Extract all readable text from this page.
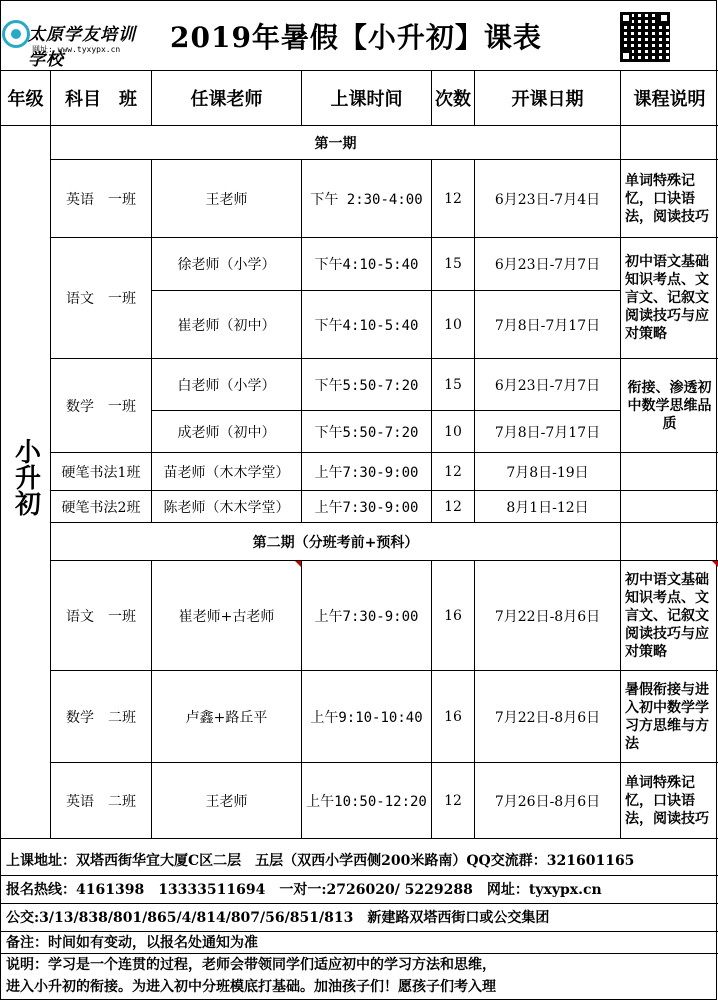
太原学友培训学校
网址: www.tyxypx.cn 2019年暑假【小升初】课表
年级	科目　班	任课老师	上课时间	次数	开课日期	课程说明

小升初	第一期					
	英语　一班	王老师	下午 2:30-4:00	12	6月23日-7月4日	单词特殊记忆，口诀语法，阅读技巧
	语文　一班	徐老师（小学）	下午4:10-5:40	15	6月23日-7月7日	初中语文基础知识考点、文言文、记叙文阅读技巧与应对策略
		崔老师（初中）	下午4:10-5:40	10	7月8日-7月17日	
	数学　一班	白老师（小学）	下午5:50-7:20	15	6月23日-7月7日	衔接、渗透初中数学思维品质
		成老师（初中）	下午5:50-7:20	10	7月8日-7月17日	
	硬笔书法1班	苗老师（木木学堂）	上午7:30-9:00	12	7月8日-19日	
	硬笔书法2班	陈老师（木木学堂）	上午7:30-9:00	12	8月1日-12日	
	第二期（分班考前+预科）					
	语文　一班	崔老师+古老师	上午7:30-9:00	16	7月22日-8月6日	初中语文基础知识考点、文言文、记叙文阅读技巧与应对策略
	数学　二班	卢鑫+路丘平	上午9:10-10:40	16	7月22日-8月6日	暑假衔接与进入初中数学学习方思维与方法
	英语　二班	王老师	上午10:50-12:20	12	7月26日-8月6日	单词特殊记忆，口诀语法，阅读技巧
上课地址：双塔西街华宜大厦C区二层　五层（双西小学西侧200米路南）QQ交流群：321601165
报名热线：4161398　13333511694　一对一:2726020/ 5229288　网址：tyxypx.cn
公交:3/13/838/801/865/4/814/807/56/851/813　新建路双塔西街口或公交集团
备注：时间如有变动，以报名处通知为准
说明：学习是一个连贯的过程，老师会带领同学们适应初中的学习方法和思维，
进入小升初的衔接。为进入初中分班模底打基础。加油孩子们！愿孩子们考入理
